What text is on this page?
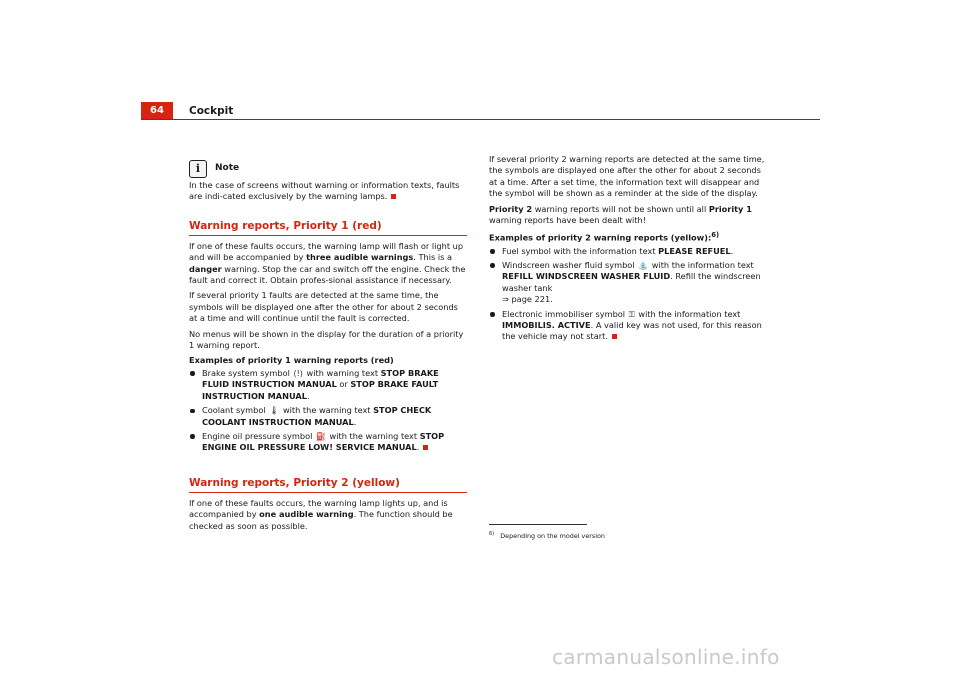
64	Cockpit
i	Note

In the case of screens without warning or information texts, faults are indi-cated exclusively by the warning lamps.

Warning reports, Priority 1 (red)

If one of these faults occurs, the warning lamp will flash or light up and will be accompanied by three audible warnings. This is a danger warning. Stop the car and switch off the engine. Check the fault and correct it. Obtain profes-sional assistance if necessary.

If several priority 1 faults are detected at the same time, the symbols will be displayed one after the other for about 2 seconds at a time and will continue until the fault is corrected.

No menus will be shown in the display for the duration of a priority 1 warning report.

Examples of priority 1 warning reports (red)

Brake system symbol (!) with warning text STOP BRAKE FLUID INSTRUCTION MANUAL or STOP BRAKE FAULT INSTRUCTION MANUAL.
Coolant symbol 🌡 with the warning text STOP CHECK COOLANT INSTRUCTION MANUAL.
Engine oil pressure symbol ⛽ with the warning text STOP ENGINE OIL PRESSURE LOW! SERVICE MANUAL.
Warning reports, Priority 2 (yellow)

If one of these faults occurs, the warning lamp lights up, and is accompanied by one audible warning. The function should be checked as soon as possible.

If several priority 2 warning reports are detected at the same time, the symbols are displayed one after the other for about 2 seconds at a time. After a set time, the information text will disappear and the symbol will be shown as a reminder at the side of the display.

Priority 2 warning reports will not be shown until all Priority 1 warning reports have been dealt with!

Examples of priority 2 warning reports (yellow):$^{6)}$

Fuel symbol with the information text PLEASE REFUEL.
Windscreen washer fluid symbol ⛲ with the information text REFILL WINDSCREEN WASHER FLUID. Refill the windscreen washer tank
⇒ page 221.
Electronic immobiliser symbol ⚿ with the information text IMMOBILIS. ACTIVE. A valid key was not used, for this reason the vehicle may not start.
$^{6)}$ Depending on the model version
carmanualsonline.info
